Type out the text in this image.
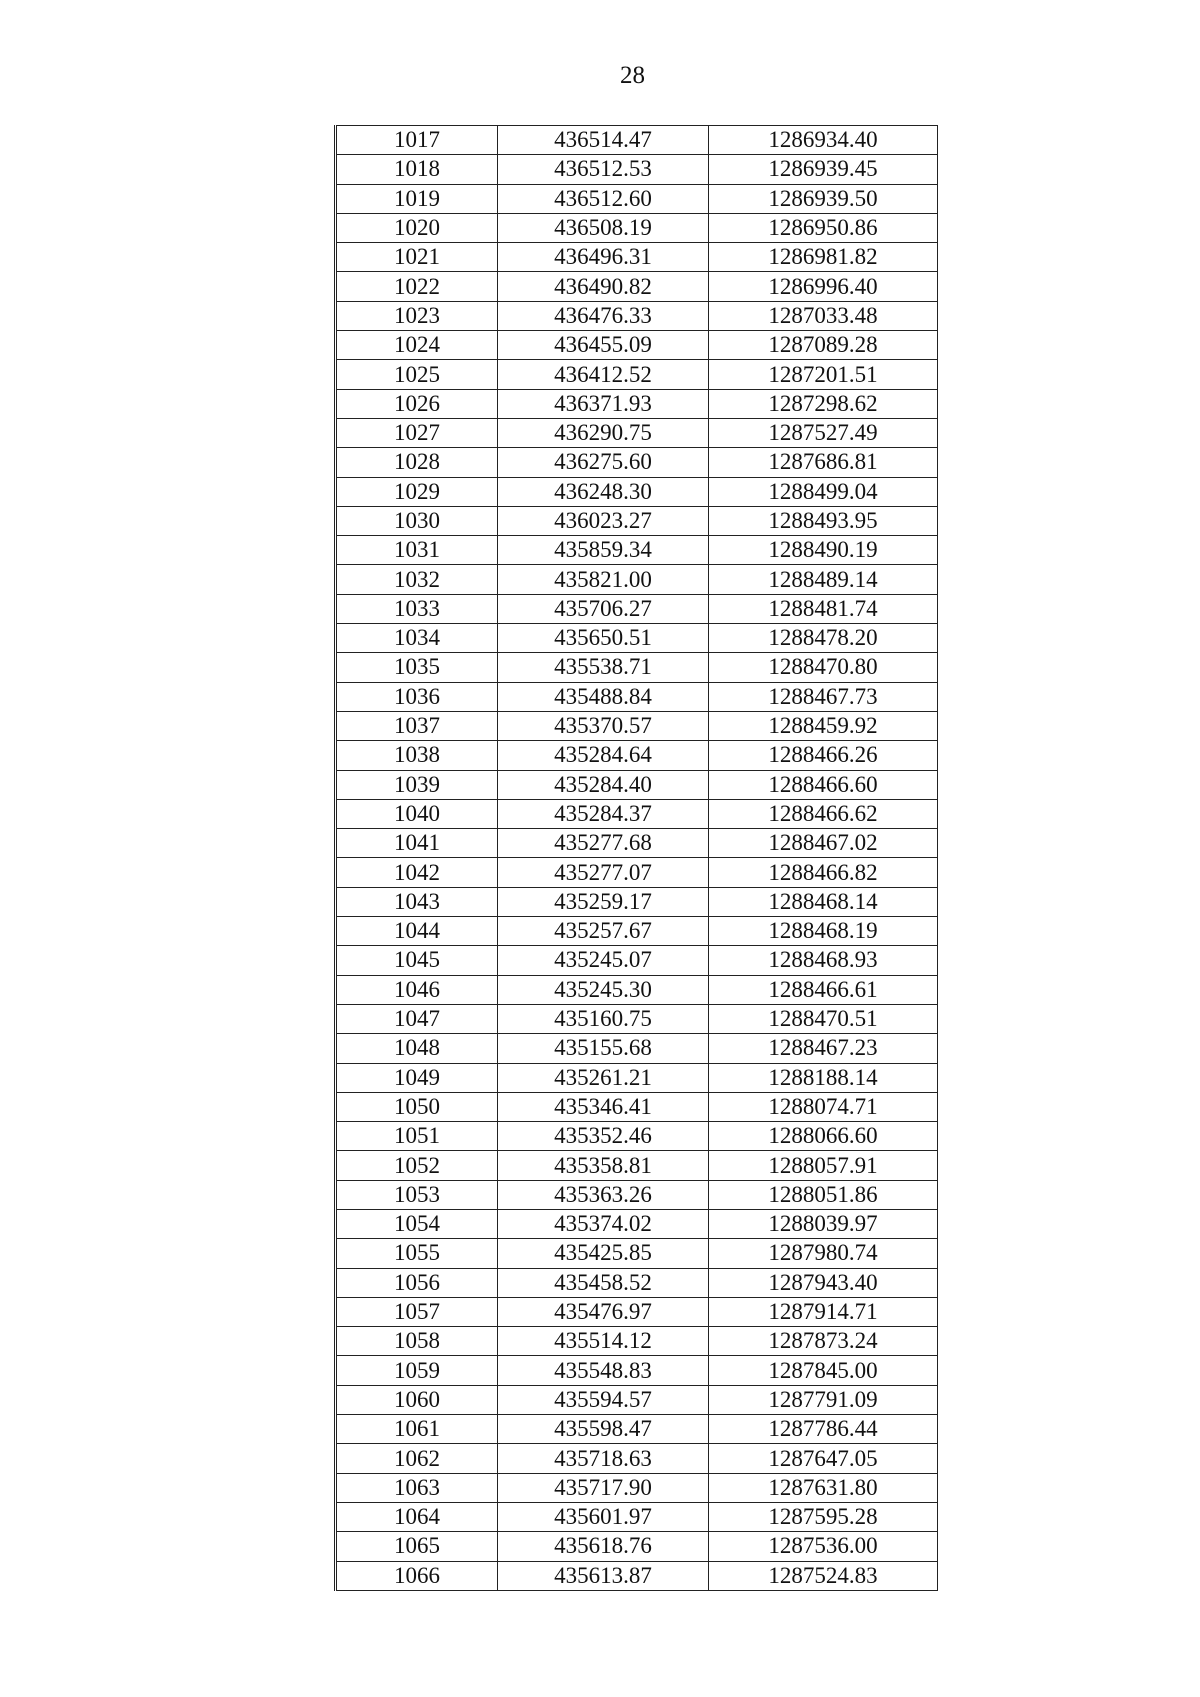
28
1017	436514.47	1286934.40
1018	436512.53	1286939.45
1019	436512.60	1286939.50
1020	436508.19	1286950.86
1021	436496.31	1286981.82
1022	436490.82	1286996.40
1023	436476.33	1287033.48
1024	436455.09	1287089.28
1025	436412.52	1287201.51
1026	436371.93	1287298.62
1027	436290.75	1287527.49
1028	436275.60	1287686.81
1029	436248.30	1288499.04
1030	436023.27	1288493.95
1031	435859.34	1288490.19
1032	435821.00	1288489.14
1033	435706.27	1288481.74
1034	435650.51	1288478.20
1035	435538.71	1288470.80
1036	435488.84	1288467.73
1037	435370.57	1288459.92
1038	435284.64	1288466.26
1039	435284.40	1288466.60
1040	435284.37	1288466.62
1041	435277.68	1288467.02
1042	435277.07	1288466.82
1043	435259.17	1288468.14
1044	435257.67	1288468.19
1045	435245.07	1288468.93
1046	435245.30	1288466.61
1047	435160.75	1288470.51
1048	435155.68	1288467.23
1049	435261.21	1288188.14
1050	435346.41	1288074.71
1051	435352.46	1288066.60
1052	435358.81	1288057.91
1053	435363.26	1288051.86
1054	435374.02	1288039.97
1055	435425.85	1287980.74
1056	435458.52	1287943.40
1057	435476.97	1287914.71
1058	435514.12	1287873.24
1059	435548.83	1287845.00
1060	435594.57	1287791.09
1061	435598.47	1287786.44
1062	435718.63	1287647.05
1063	435717.90	1287631.80
1064	435601.97	1287595.28
1065	435618.76	1287536.00
1066	435613.87	1287524.83
